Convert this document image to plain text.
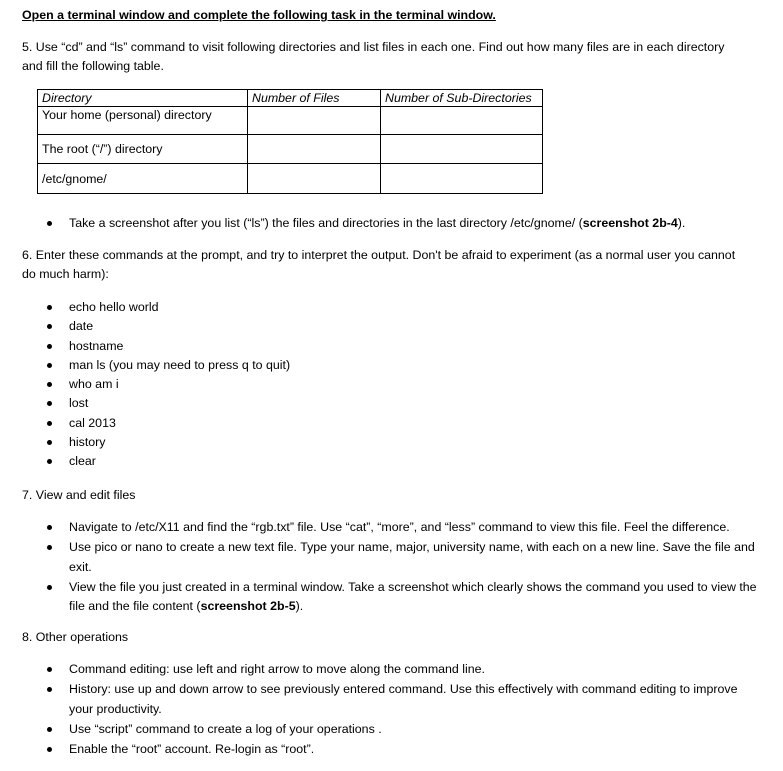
Open a terminal window and complete the following task in the terminal window.
5. Use “cd” and “ls” command to visit following directories and list files in each one. Find out how many files are in each directory and fill the following table.
Directory	Number of Files	Number of Sub-Directories
Your home (personal) directory		
The root (“/”) directory		
/etc/gnome/		
Take a screenshot after you list (“ls”) the files and directories in the last directory /etc/gnome/ (screenshot 2b-4).
6. Enter these commands at the prompt, and try to interpret the output. Don't be afraid to experiment (as a normal user you cannot do much harm):
echo hello world
date
hostname
man ls (you may need to press q to quit)
who am i
lost
cal 2013
history
clear
7. View and edit files
Navigate to /etc/X11 and find the “rgb.txt” file. Use “cat”, “more”, and “less” command to view this file. Feel the difference.
Use pico or nano to create a new text file. Type your name, major, university name, with each on a new line. Save the file and exit.
View the file you just created in a terminal window. Take a screenshot which clearly shows the command you used to view the file and the file content (screenshot 2b-5).
8. Other operations
Command editing: use left and right arrow to move along the command line.
History: use up and down arrow to see previously entered command. Use this effectively with command editing to improve your productivity.
Use “script” command to create a log of your operations .
Enable the “root” account. Re-login as “root”.
